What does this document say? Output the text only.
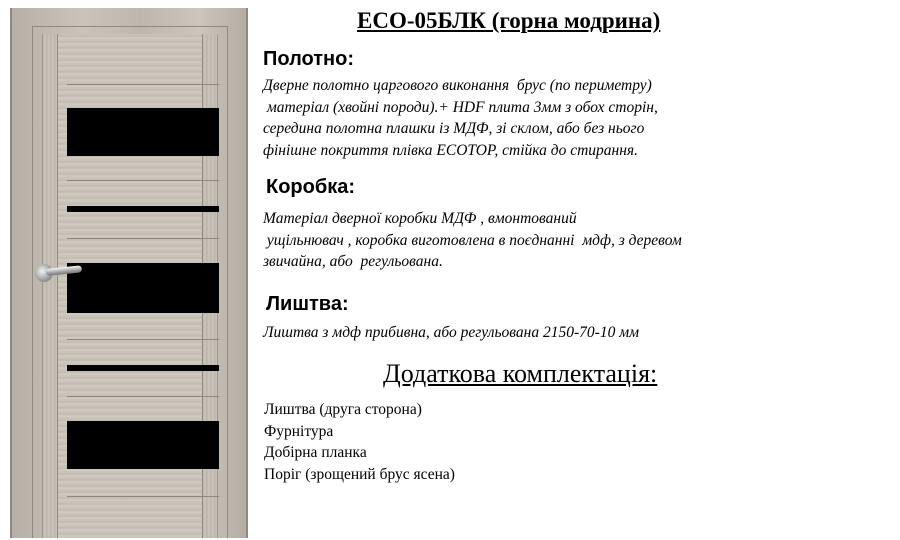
ECO-05БЛК (горна модрина)
Полотно:
Дверне полотно царгового виконання  брус (по периметру)
матеріал (хвойні породи).+ HDF плита 3мм з обох сторін,
середина полотна плашки із МДФ, зі склом, або без нього
фінішне покриття плівка ECOTOP, стійка до стирання.
Коробка:
Матеріал дверної коробки МДФ , вмонтований
ущільнювач , коробка виготовлена в поєднанні  мдф, з деревом
звичайна, або  регульована.
Лиштва:
Лиштва з мдф прибивна, або регульована 2150-70-10 мм
Додаткова комплектація:
Лиштва (друга сторона)
Фурнітура
Добірна планка
Поріг (зрощений брус ясена)
